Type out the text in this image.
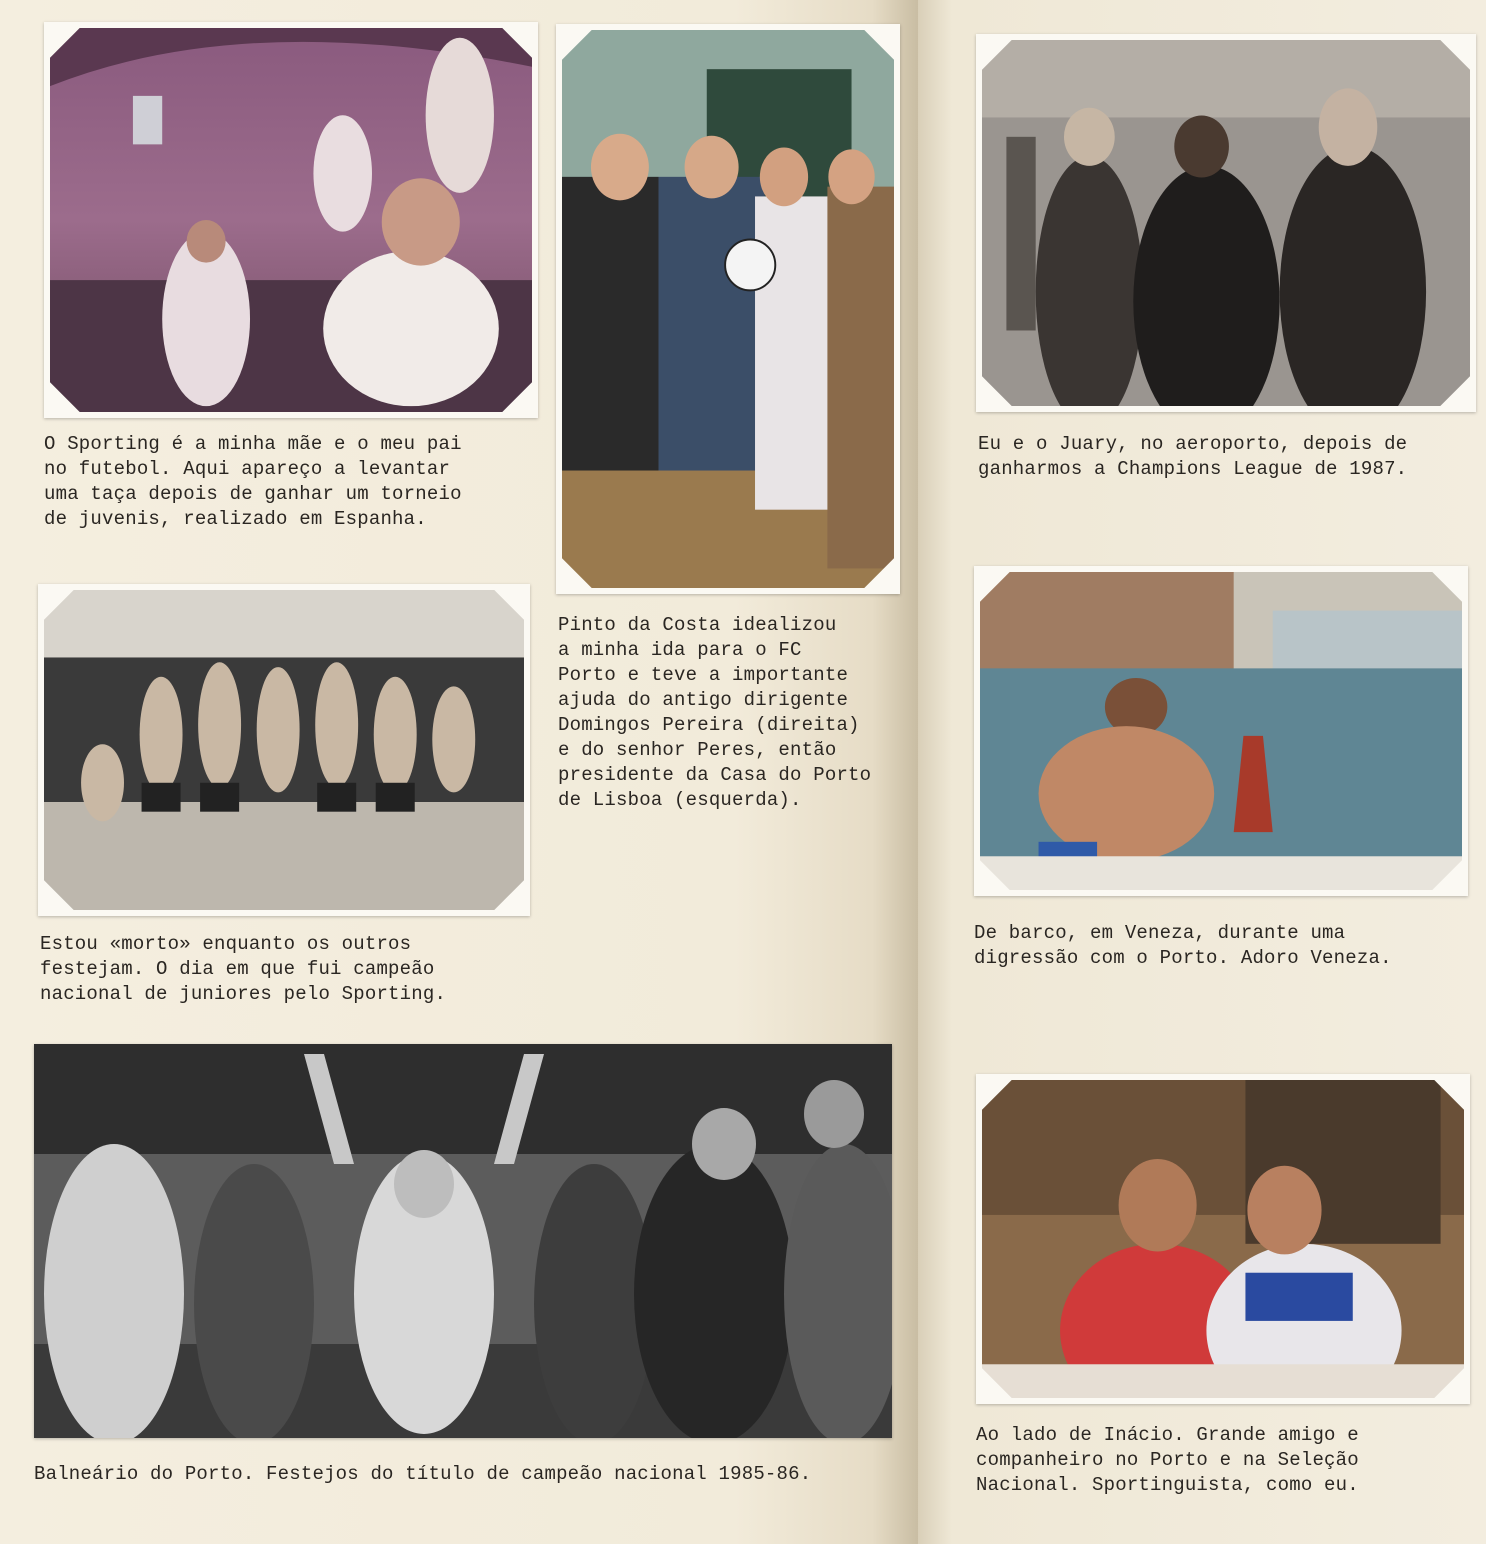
O Sporting é a minha mãe e o meu pai
no futebol. Aqui apareço a levantar
uma taça depois de ganhar um torneio
de juvenis, realizado em Espanha.
Pinto da Costa idealizou
a minha ida para o FC
Porto e teve a importante
ajuda do antigo dirigente
Domingos Pereira (direita)
e do senhor Peres, então
presidente da Casa do Porto
de Lisboa (esquerda).
Estou «morto» enquanto os outros
festejam. O dia em que fui campeão
nacional de juniores pelo Sporting.
Balneário do Porto. Festejos do título de campeão nacional 1985-86.
Eu e o Juary, no aeroporto, depois de
ganharmos a Champions League de 1987.
De barco, em Veneza, durante uma
digressão com o Porto. Adoro Veneza.
Ao lado de Inácio. Grande amigo e
companheiro no Porto e na Seleção
Nacional. Sportinguista, como eu.
